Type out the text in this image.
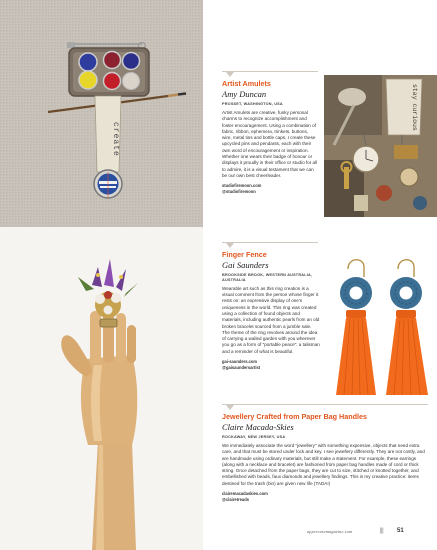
create
stay curious
Artist Amulets
Amy Duncan
PROSSET, WASHINGTON, USA
Artist Amulets are creative, funky personal charms to recognize accomplishment and foster encouragement. Using a combination of fabric, ribbon, ephemera, trinkets, buttons, wire, metal tins and bottle caps, I create these upcycled pins and pendants, each with their own word of encouragement or inspiration. Whether one wears their badge of honour or displays it proudly in their office or studio for all to admire, it is a visual testament that we can be our own best cheerleader.
studiofiremoon.com
@studiofiremoon
Finger Fence
Gai Saunders
BROOKSIDE BROOK, WESTERN AUSTRALIA, AUSTRALIA
Wearable art such as this ring creation is a visual comment from the person whose finger it rests on: an expressive display of one's uniqueness in the world. This ring was created using a collection of found objects and materials, including authentic pearls from an old broken bracelet sourced from a jumble sale. The theme of the ring revolves around the idea of carrying a walled garden with you wherever you go as a form of "portable peace": a talisman and a reminder of what is beautiful.
gai-saunders.com
@gaisaundersartist
Jewellery Crafted from Paper Bag Handles
Claire Macada-Skies
ROCKAWAY, NEW JERSEY, USA
We immediately associate the word "jewellery" with something expensive, objects that need extra care, and that must be stored under lock and key. I see jewellery differently. They are not costly, and are handmade using ordinary materials, but still make a statement. For example, these earrings (along with a necklace and bracelet) are fashioned from paper bag handles made of cord or thick string. Once detached from the paper bags, they are cut to size, stitched or knotted together, and embellished with beads, faux diamonds and jewellery findings. This is my creative practice: items destined for the trash (bin) are given new life (TADA!)
clairemacadaskies.com
@clairetreads
uppercasemagazine.com	||| 51
